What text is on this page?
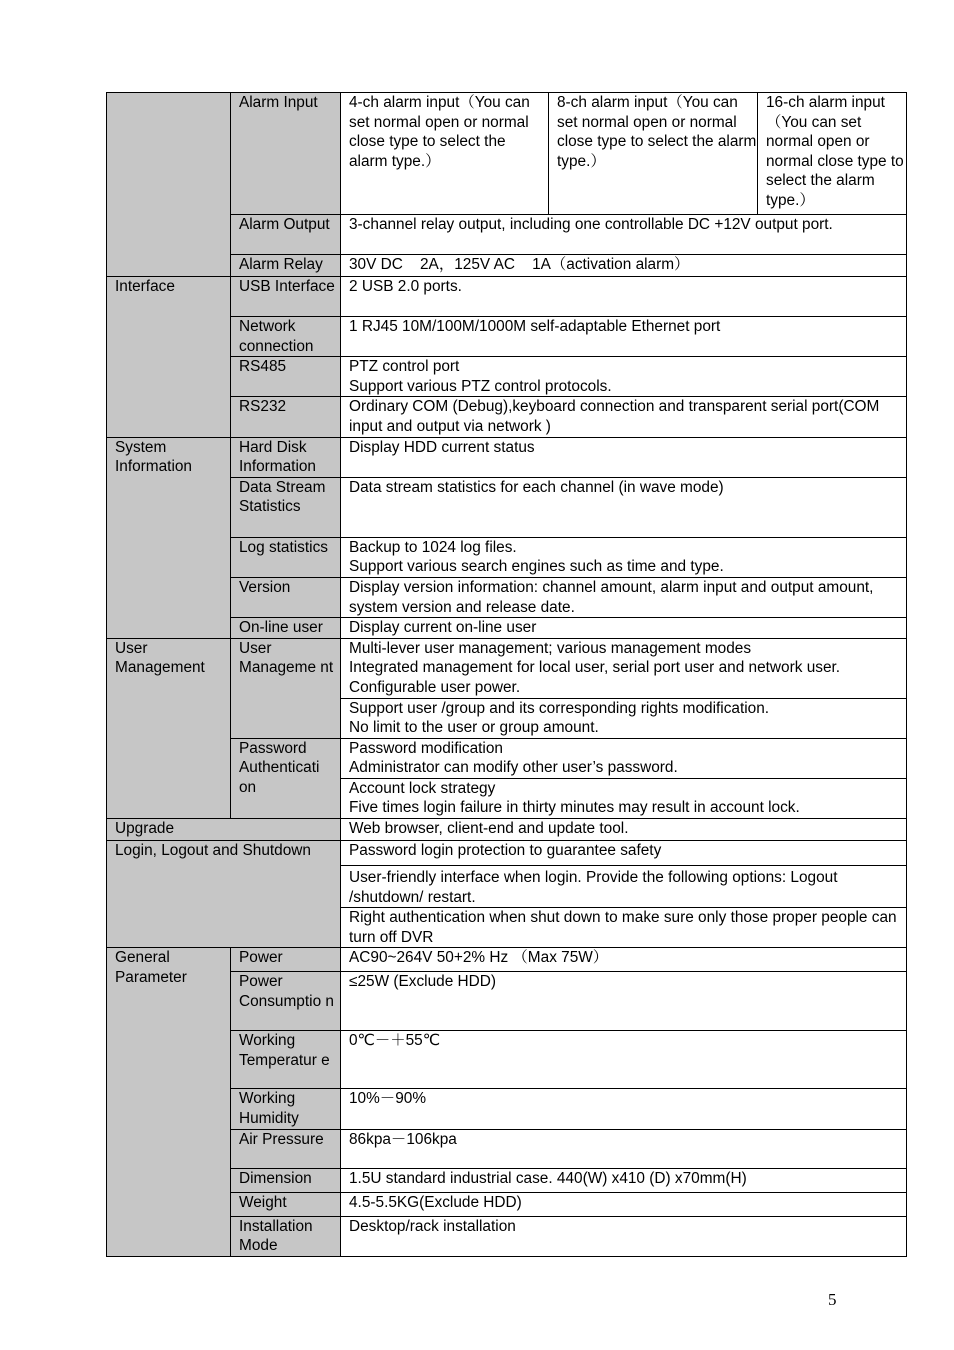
	Alarm Input	4-ch alarm input（You can set normal open or normal close type to select the alarm type.）	8-ch alarm input（You can set normal open or normal close type to select the alarm type.）	16-ch alarm input（You can set normal open or normal close type to select the alarm type.）
	Alarm Output	3-channel relay output, including one controllable DC +12V output port.		
	Alarm Relay	30V DC    2A，125V AC    1A（activation alarm）		
Interface	USB Interface	2 USB 2.0 ports.		
	Network connection	1 RJ45 10M/100M/1000M self-adaptable Ethernet port		
	RS485	PTZ control port
Support various PTZ control protocols.		

	RS232	Ordinary COM (Debug),keyboard connection and transparent serial port(COM input and output via network )		
System Information	Hard Disk Information	Display HDD current status		
	Data Stream Statistics	Data stream statistics for each channel (in wave mode)		
	Log statistics	Backup to 1024 log files.
Support various search engines such as time and type.		

	Version	Display version information: channel amount, alarm input and output amount, system version and release date.		
	On-line user	Display current on-line user		
User Management	User Manageme nt	Multi-lever user management; various management modes
Integrated management for local user, serial port user and network user.
Configurable user power.		

		Support user /group and its corresponding rights modification.
No limit to the user or group amount.		

	Password Authenticati on	Password modification
Administrator can modify other user’s password.		

		Account lock strategy
Five times login failure in thirty minutes may result in account lock.		

Upgrade		Web browser, client-end and update tool.		
Login, Logout and Shutdown		Password login protection to guarantee safety		
		User-friendly interface when login. Provide the following options: Logout /shutdown/ restart.		
		Right authentication when shut down to make sure only those proper people can turn off DVR		
General Parameter	Power	AC90~264V 50+2% Hz （Max 75W）		
	Power Consumptio n	≤25W (Exclude HDD)		
	Working Temperatur e	0℃－＋55℃		
	Working Humidity	10%－90%		
	Air Pressure	86kpa－106kpa		
	Dimension	1.5U standard industrial case. 440(W) x410 (D) x70mm(H)		
	Weight	4.5-5.5KG(Exclude HDD)		
	Installation Mode	Desktop/rack installation		
5
